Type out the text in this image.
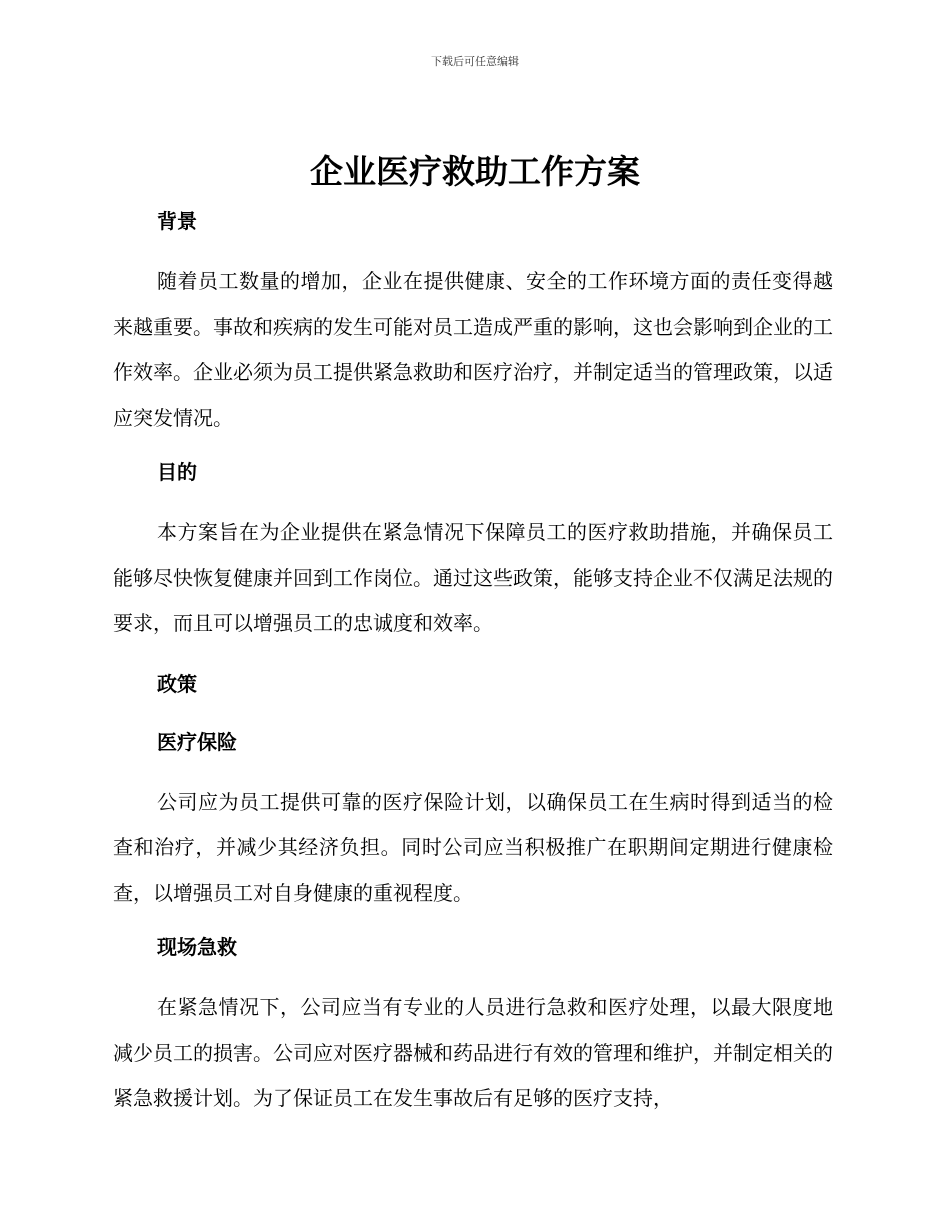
下载后可任意编辑
企业医疗救助工作方案
背景

随着员工数量的增加，企业在提供健康、安全的工作环境方面的责任变得越来越重要。事故和疾病的发生可能对员工造成严重的影响，这也会影响到企业的工作效率。企业必须为员工提供紧急救助和医疗治疗，并制定适当的管理政策，以适应突发情况。

目的

本方案旨在为企业提供在紧急情况下保障员工的医疗救助措施，并确保员工能够尽快恢复健康并回到工作岗位。通过这些政策，能够支持企业不仅满足法规的要求，而且可以增强员工的忠诚度和效率。

政策
医疗保险

公司应为员工提供可靠的医疗保险计划，以确保员工在生病时得到适当的检查和治疗，并减少其经济负担。同时公司应当积极推广在职期间定期进行健康检查，以增强员工对自身健康的重视程度。

现场急救

在紧急情况下，公司应当有专业的人员进行急救和医疗处理，以最大限度地减少员工的损害。公司应对医疗器械和药品进行有效的管理和维护，并制定相关的紧急救援计划。为了保证员工在发生事故后有足够的医疗支持，
